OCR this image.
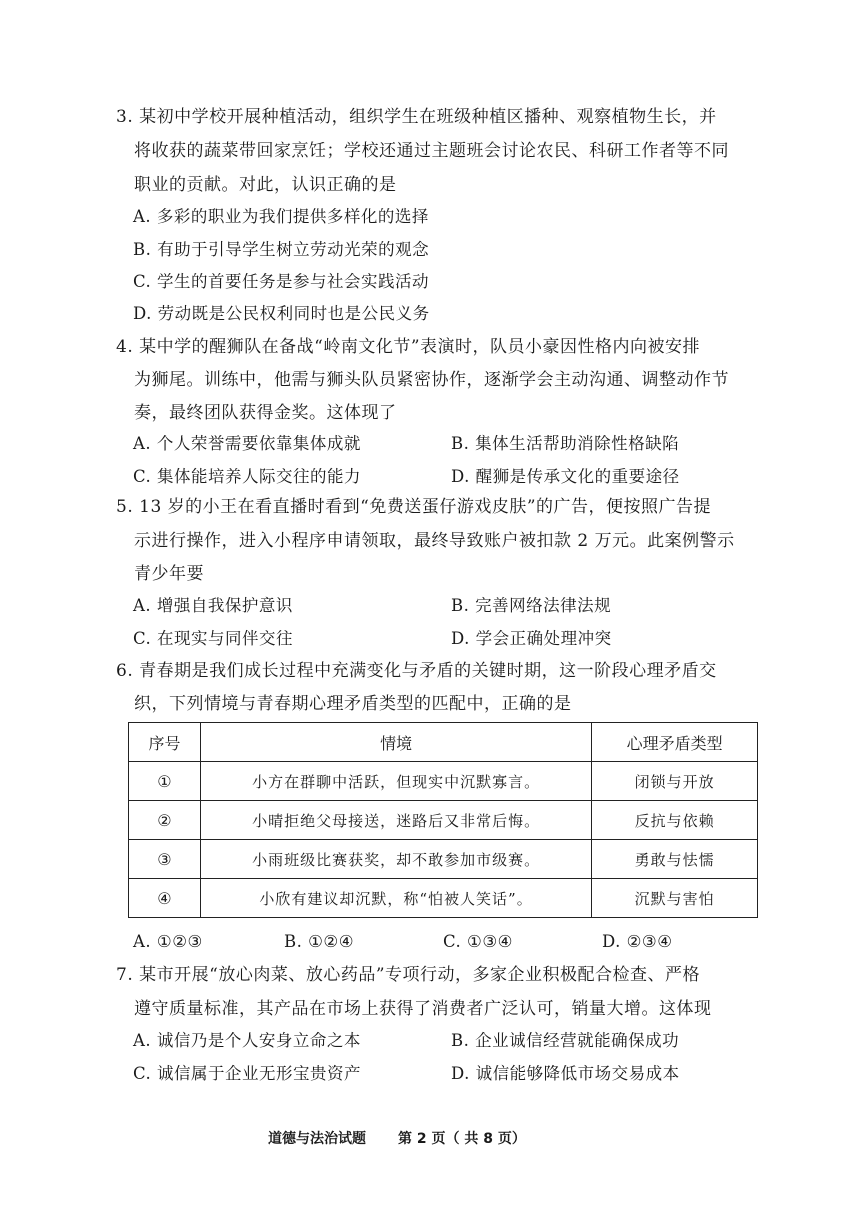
3. 某初中学校开展种植活动，组织学生在班级种植区播种、观察植物生长，并
将收获的蔬菜带回家烹饪；学校还通过主题班会讨论农民、科研工作者等不同
职业的贡献。对此，认识正确的是
A. 多彩的职业为我们提供多样化的选择
B. 有助于引导学生树立劳动光荣的观念
C. 学生的首要任务是参与社会实践活动
D. 劳动既是公民权利同时也是公民义务
4. 某中学的醒狮队在备战“岭南文化节”表演时，队员小豪因性格内向被安排
为狮尾。训练中，他需与狮头队员紧密协作，逐渐学会主动沟通、调整动作节
奏，最终团队获得金奖。这体现了
A. 个人荣誉需要依靠集体成就	B. 集体生活帮助消除性格缺陷
C. 集体能培养人际交往的能力	D. 醒狮是传承文化的重要途径
5. 13 岁的小王在看直播时看到“免费送蛋仔游戏皮肤”的广告，便按照广告提
示进行操作，进入小程序申请领取，最终导致账户被扣款 2 万元。此案例警示
青少年要
A. 增强自我保护意识	B. 完善网络法律法规
C. 在现实与同伴交往	D. 学会正确处理冲突
6. 青春期是我们成长过程中充满变化与矛盾的关键时期，这一阶段心理矛盾交
织，下列情境与青春期心理矛盾类型的匹配中，正确的是
序号	情境	心理矛盾类型
①	小方在群聊中活跃，但现实中沉默寡言。	闭锁与开放
②	小晴拒绝父母接送，迷路后又非常后悔。	反抗与依赖
③	小雨班级比赛获奖，却不敢参加市级赛。	勇敢与怯懦
④	小欣有建议却沉默，称“怕被人笑话”。	沉默与害怕
A. ①②③	B. ①②④	C. ①③④	D. ②③④
7. 某市开展“放心肉菜、放心药品”专项行动，多家企业积极配合检查、严格
遵守质量标准，其产品在市场上获得了消费者广泛认可，销量大增。这体现
A. 诚信乃是个人安身立命之本	B. 企业诚信经营就能确保成功
C. 诚信属于企业无形宝贵资产	D. 诚信能够降低市场交易成本
道德与法治试题 第 2 页（ 共 8 页）
